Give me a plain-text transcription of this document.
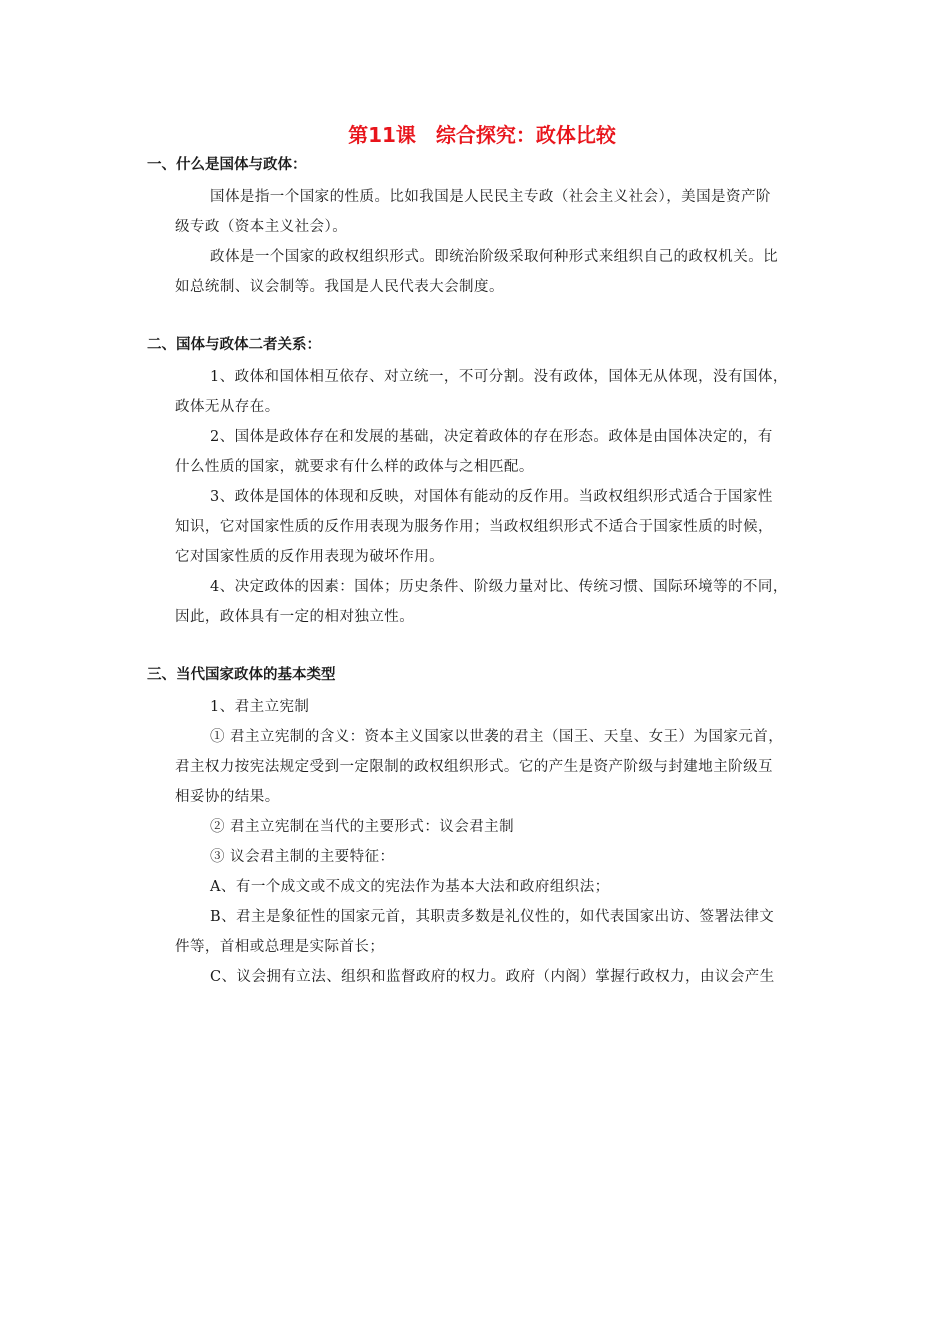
第11课　综合探究：政体比较
一、什么是国体与政体：

国体是指一个国家的性质。比如我国是人民民主专政（社会主义社会），美国是资产阶
级专政（资本主义社会）。

政体是一个国家的政权组织形式。即统治阶级采取何种形式来组织自己的政权机关。比
如总统制、议会制等。我国是人民代表大会制度。

二、国体与政体二者关系：

1、政体和国体相互依存、对立统一，不可分割。没有政体，国体无从体现，没有国体，
政体无从存在。

2、国体是政体存在和发展的基础，决定着政体的存在形态。政体是由国体决定的，有
什么性质的国家，就要求有什么样的政体与之相匹配。

3、政体是国体的体现和反映，对国体有能动的反作用。当政权组织形式适合于国家性
知识，它对国家性质的反作用表现为服务作用；当政权组织形式不适合于国家性质的时候，
它对国家性质的反作用表现为破坏作用。

4、决定政体的因素：国体；历史条件、阶级力量对比、传统习惯、国际环境等的不同，
因此，政体具有一定的相对独立性。

三、当代国家政体的基本类型

1、君主立宪制

① 君主立宪制的含义：资本主义国家以世袭的君主（国王、天皇、女王）为国家元首，
君主权力按宪法规定受到一定限制的政权组织形式。它的产生是资产阶级与封建地主阶级互
相妥协的结果。

② 君主立宪制在当代的主要形式：议会君主制

③ 议会君主制的主要特征：

A、有一个成文或不成文的宪法作为基本大法和政府组织法；

B、君主是象征性的国家元首，其职责多数是礼仪性的，如代表国家出访、签署法律文
件等，首相或总理是实际首长；

C、议会拥有立法、组织和监督政府的权力。政府（内阁）掌握行政权力，由议会产生
